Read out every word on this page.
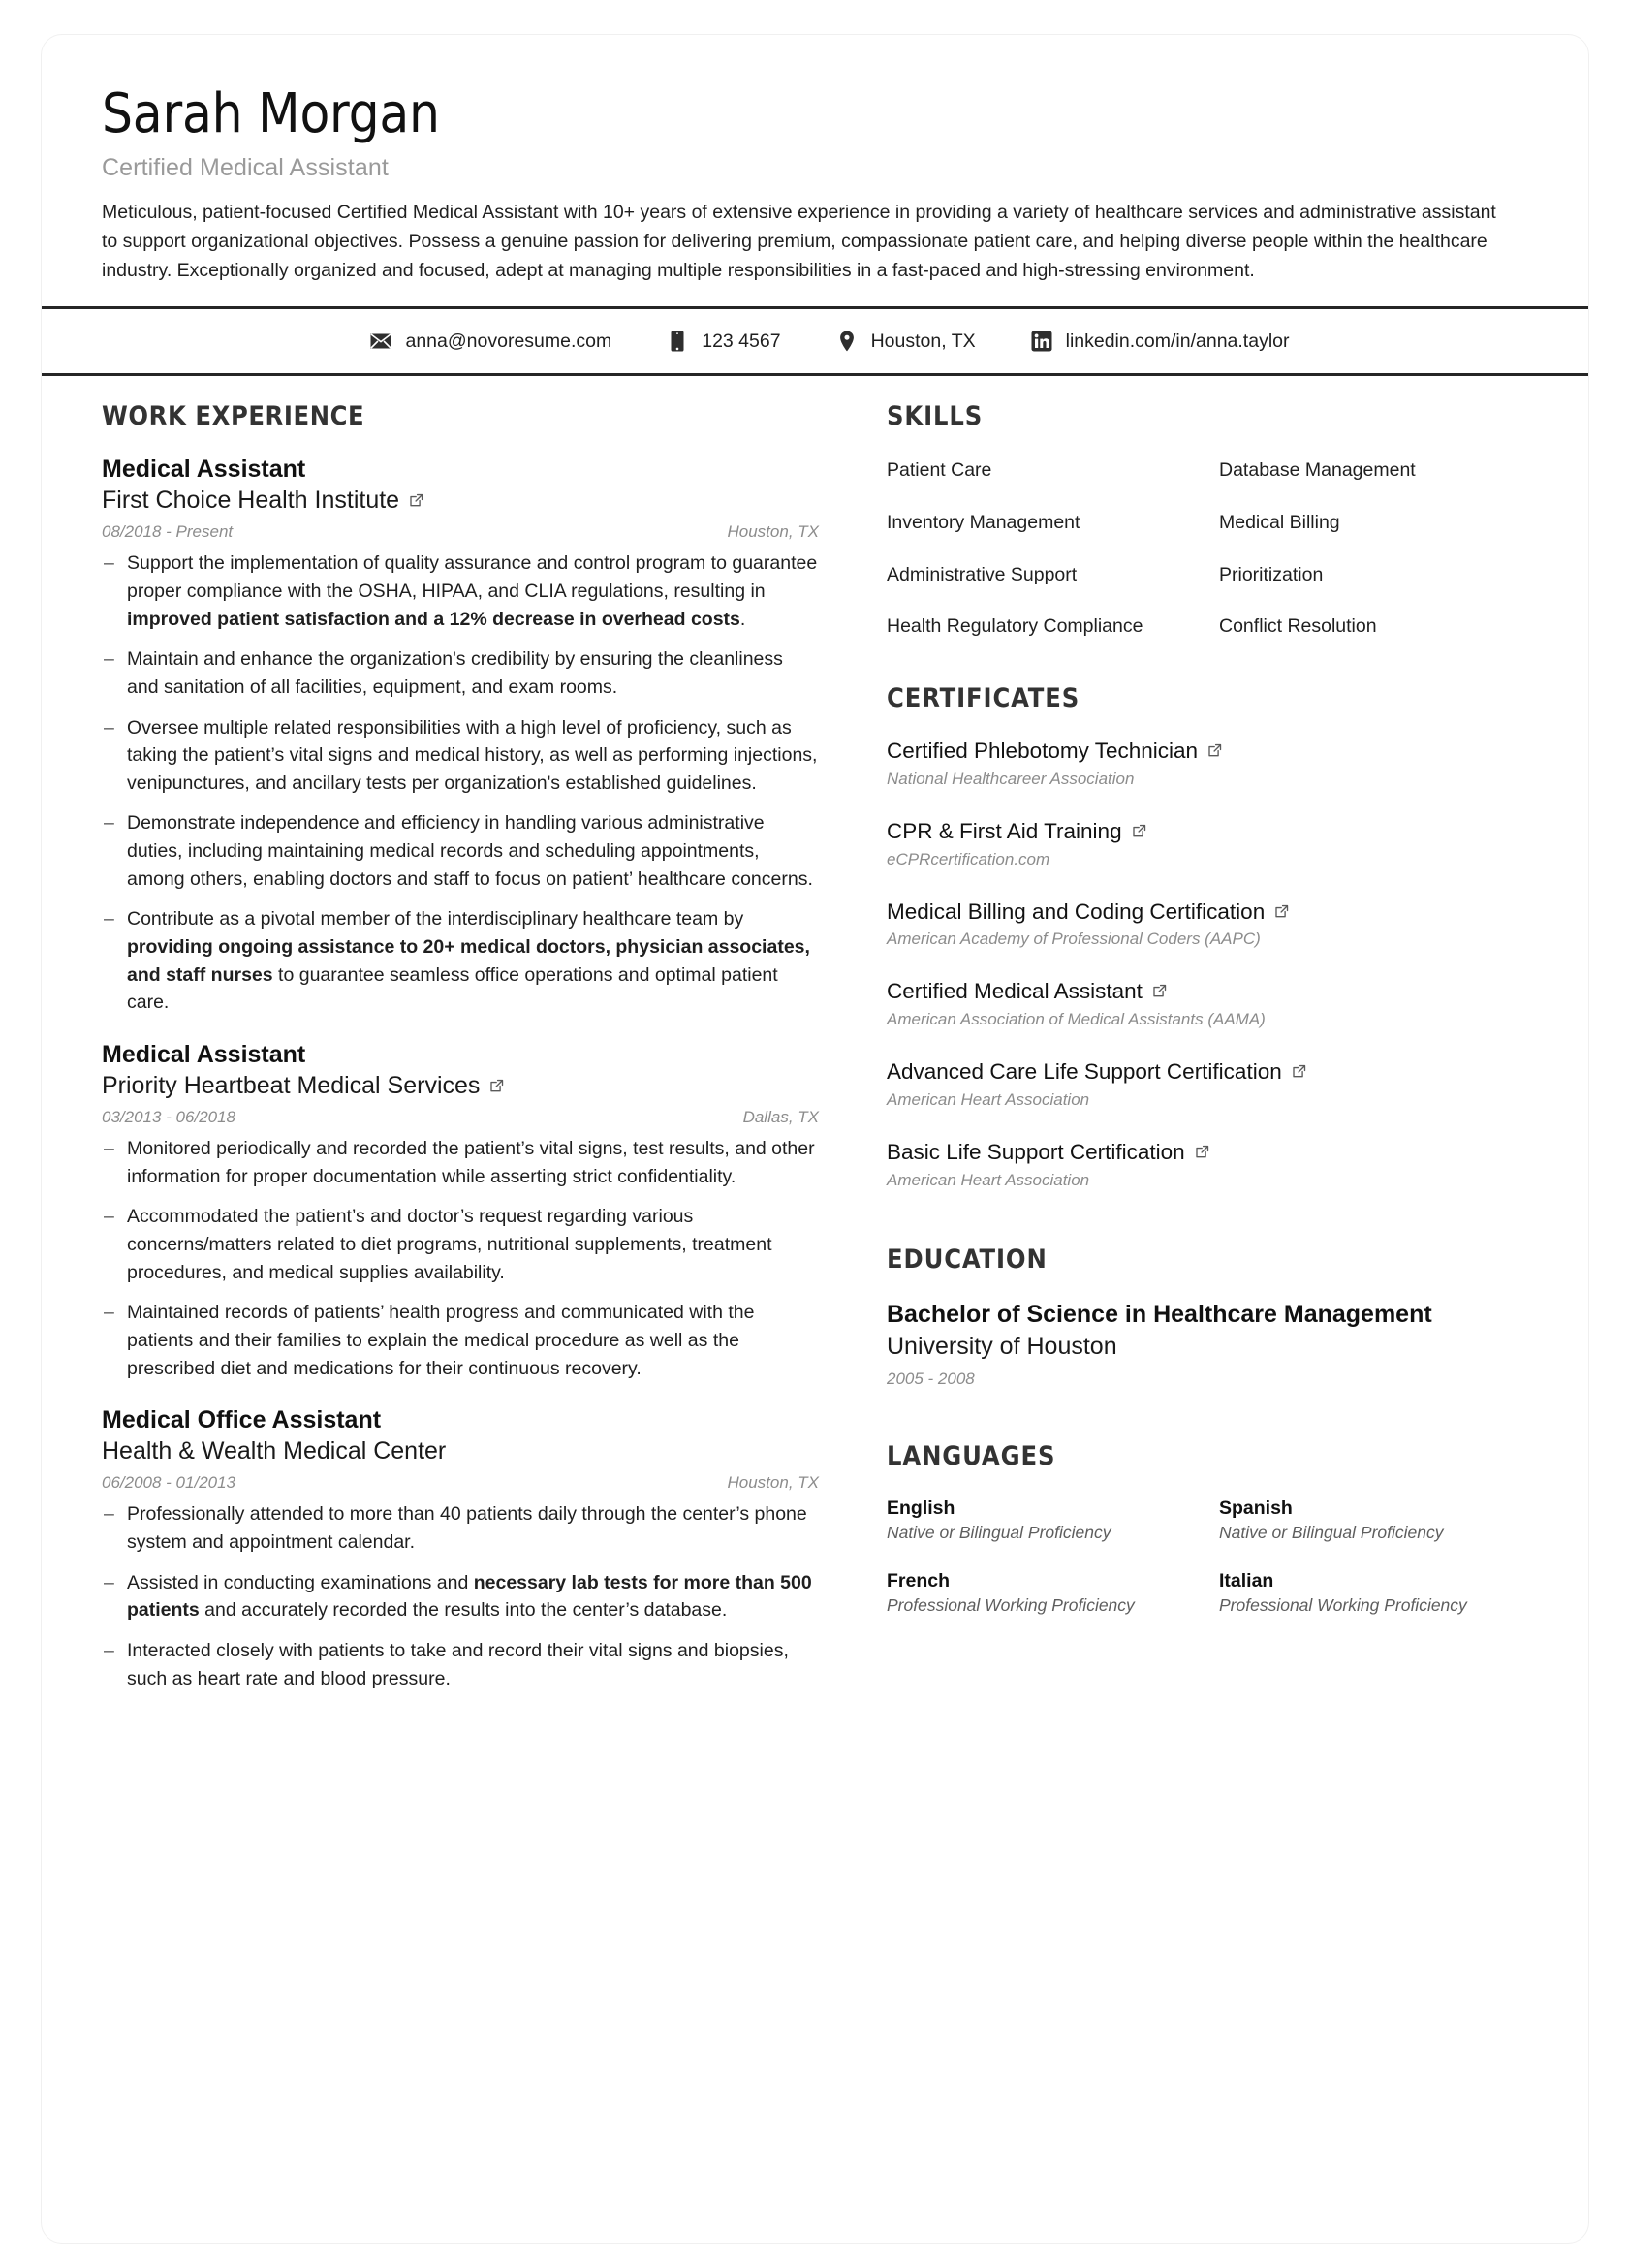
Sarah Morgan
Certified Medical Assistant
Meticulous, patient-focused Certified Medical Assistant with 10+ years of extensive experience in providing a variety of healthcare services and administrative assistant to support organizational objectives. Possess a genuine passion for delivering premium, compassionate patient care, and helping diverse people within the healthcare industry. Exceptionally organized and focused, adept at managing multiple responsibilities in a fast-paced and high-stressing environment.
anna@novoresume.com	123 4567	Houston, TX	linkedin.com/in/anna.taylor
WORK EXPERIENCE
Medical Assistant
First Choice Health Institute
08/2018 - Present	Houston, TX
– Support the implementation of quality assurance and control program to guarantee proper compliance with the OSHA, HIPAA, and CLIA regulations, resulting in improved patient satisfaction and a 12% decrease in overhead costs.
– Maintain and enhance the organization's credibility by ensuring the cleanliness and sanitation of all facilities, equipment, and exam rooms.
– Oversee multiple related responsibilities with a high level of proficiency, such as taking the patient’s vital signs and medical history, as well as performing injections, venipunctures, and ancillary tests per organization's established guidelines.
– Demonstrate independence and efficiency in handling various administrative duties, including maintaining medical records and scheduling appointments, among others, enabling doctors and staff to focus on patient’ healthcare concerns.
– Contribute as a pivotal member of the interdisciplinary healthcare team by providing ongoing assistance to 20+ medical doctors, physician associates, and staff nurses to guarantee seamless office operations and optimal patient care.
Medical Assistant
Priority Heartbeat Medical Services
03/2013 - 06/2018	Dallas, TX
– Monitored periodically and recorded the patient’s vital signs, test results, and other information for proper documentation while asserting strict confidentiality.
– Accommodated the patient’s and doctor’s request regarding various concerns/matters related to diet programs, nutritional supplements, treatment procedures, and medical supplies availability.
– Maintained records of patients’ health progress and communicated with the patients and their families to explain the medical procedure as well as the prescribed diet and medications for their continuous recovery.
Medical Office Assistant
Health & Wealth Medical Center
06/2008 - 01/2013	Houston, TX
– Professionally attended to more than 40 patients daily through the center’s phone system and appointment calendar.
– Assisted in conducting examinations and necessary lab tests for more than 500 patients and accurately recorded the results into the center’s database.
– Interacted closely with patients to take and record their vital signs and biopsies, such as heart rate and blood pressure.
SKILLS
Patient Care	Database Management
Inventory Management	Medical Billing
Administrative Support	Prioritization
Health Regulatory Compliance	Conflict Resolution
CERTIFICATES
Certified Phlebotomy Technician
National Healthcareer Association
CPR & First Aid Training
eCPRcertification.com
Medical Billing and Coding Certification
American Academy of Professional Coders (AAPC)
Certified Medical Assistant
American Association of Medical Assistants (AAMA)
Advanced Care Life Support Certification
American Heart Association
Basic Life Support Certification
American Heart Association
EDUCATION
Bachelor of Science in Healthcare Management
University of Houston
2005 - 2008
LANGUAGES
English
Native or Bilingual Proficiency
Spanish
Native or Bilingual Proficiency
French
Professional Working Proficiency
Italian
Professional Working Proficiency
